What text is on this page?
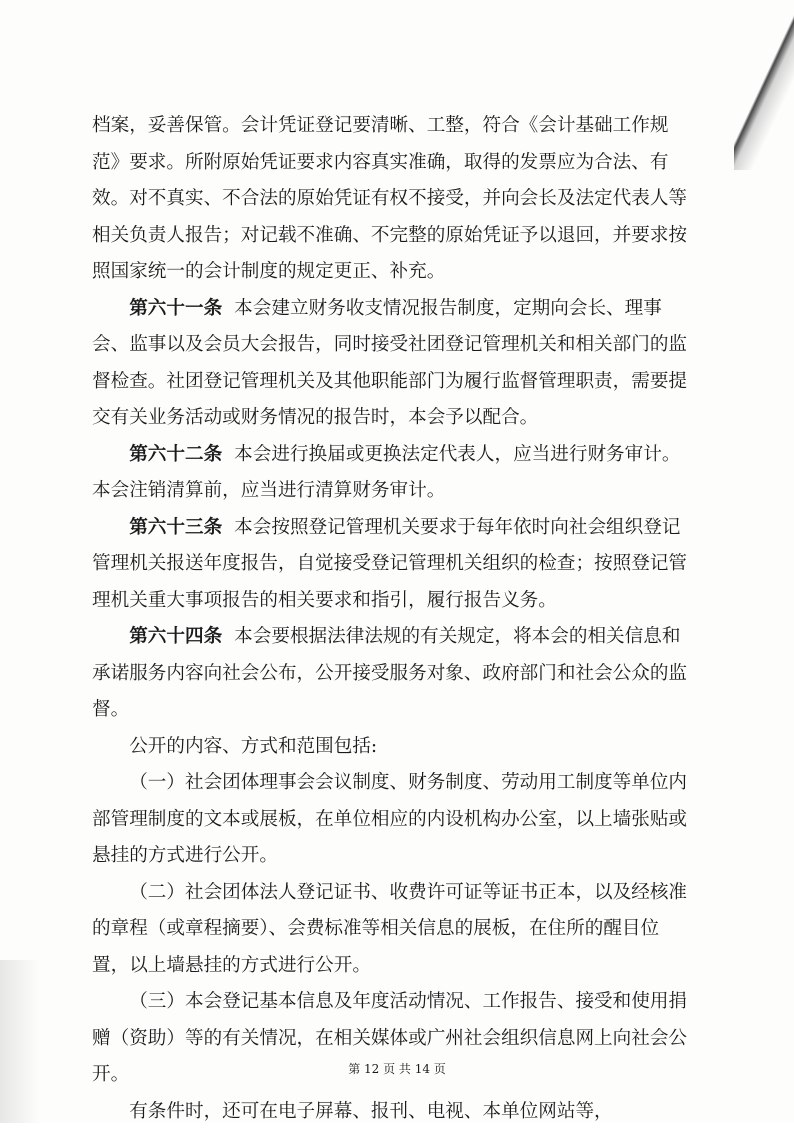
档案，妥善保管。会计凭证登记要清晰、工整，符合《会计基础工作规范》要求。所附原始凭证要求内容真实准确，取得的发票应为合法、有效。对不真实、不合法的原始凭证有权不接受，并向会长及法定代表人等相关负责人报告；对记载不准确、不完整的原始凭证予以退回，并要求按照国家统一的会计制度的规定更正、补充。

第六十一条 本会建立财务收支情况报告制度，定期向会长、理事会、监事以及会员大会报告，同时接受社团登记管理机关和相关部门的监督检查。社团登记管理机关及其他职能部门为履行监督管理职责，需要提交有关业务活动或财务情况的报告时，本会予以配合。

第六十二条 本会进行换届或更换法定代表人，应当进行财务审计。本会注销清算前，应当进行清算财务审计。

第六十三条 本会按照登记管理机关要求于每年依时向社会组织登记管理机关报送年度报告，自觉接受登记管理机关组织的检查；按照登记管理机关重大事项报告的相关要求和指引，履行报告义务。

第六十四条 本会要根据法律法规的有关规定，将本会的相关信息和承诺服务内容向社会公布，公开接受服务对象、政府部门和社会公众的监督。

公开的内容、方式和范围包括:

（一）社会团体理事会会议制度、财务制度、劳动用工制度等单位内部管理制度的文本或展板，在单位相应的内设机构办公室，以上墙张贴或悬挂的方式进行公开。

（二）社会团体法人登记证书、收费许可证等证书正本，以及经核准的章程（或章程摘要）、会费标准等相关信息的展板，在住所的醒目位置，以上墙悬挂的方式进行公开。

（三）本会登记基本信息及年度活动情况、工作报告、接受和使用捐赠（资助）等的有关情况，在相关媒体或广州社会组织信息网上向社会公开。

有条件时，还可在电子屏幕、报刊、电视、本单位网站等，

第 12 页 共 14 页
